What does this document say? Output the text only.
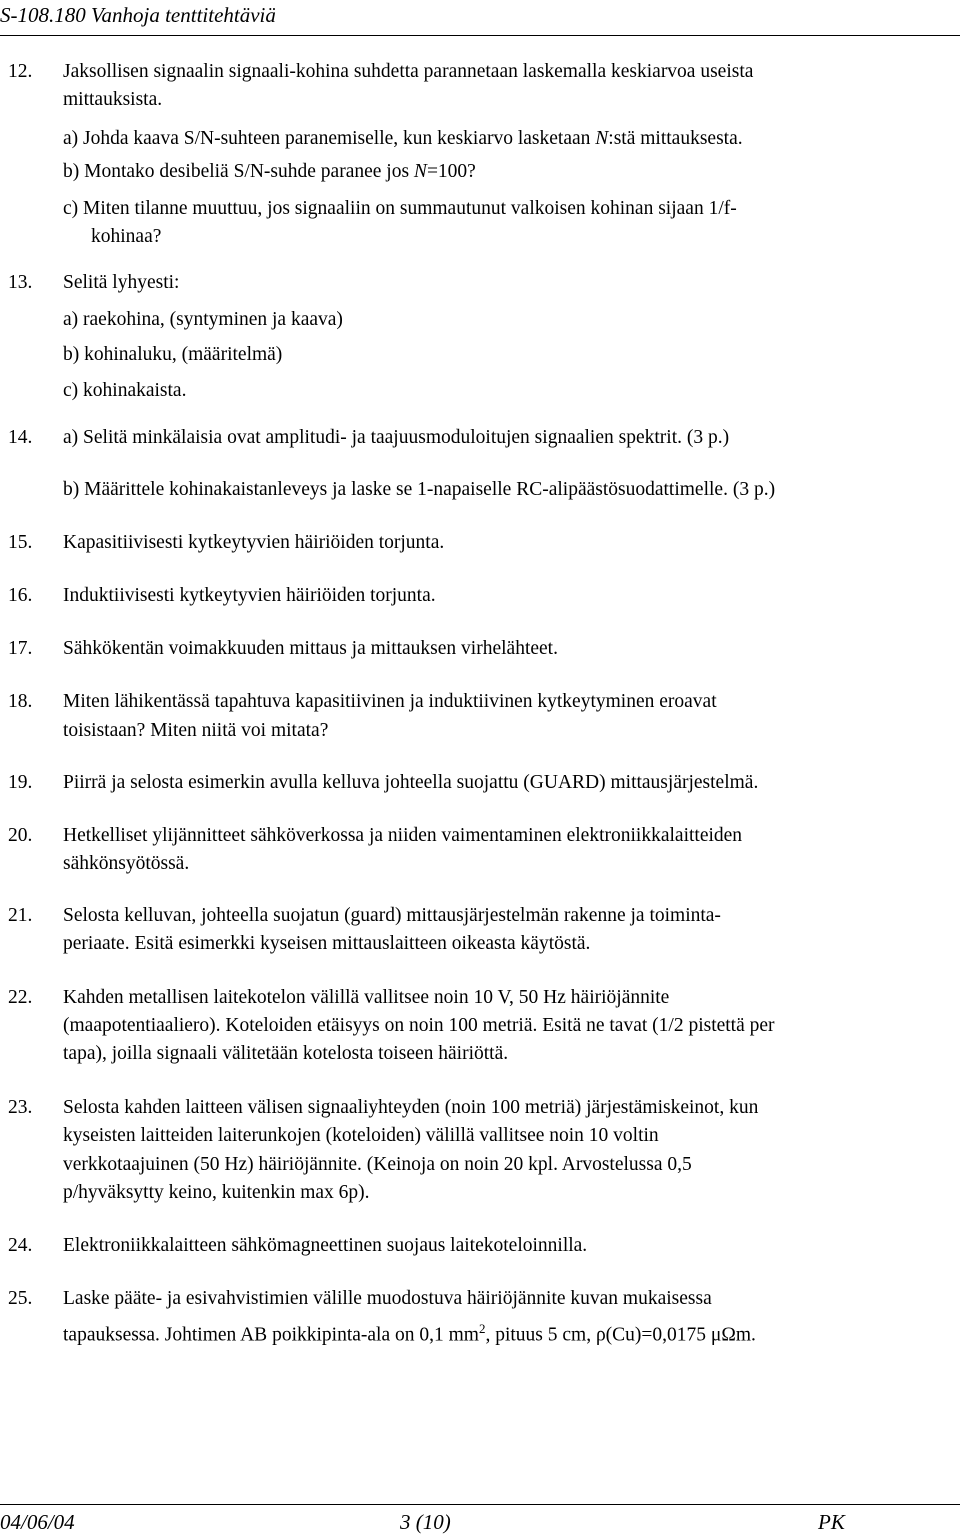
S-108.180 Vanhoja tenttitehtäviä
12. Jaksollisen signaalin signaali-kohina suhdetta parannetaan laskemalla keskiarvoa useista
mittauksista.
a) Johda kaava S/N-suhteen paranemiselle, kun keskiarvo lasketaan N:stä mittauksesta.
b) Montako desibeliä S/N-suhde paranee jos N=100?
c) Miten tilanne muuttuu, jos signaaliin on summautunut valkoisen kohinan sijaan 1/f-
kohinaa?
13. Selitä lyhyesti:
a) raekohina, (syntyminen ja kaava)
b) kohinaluku, (määritelmä)
c) kohinakaista.
14. a) Selitä minkälaisia ovat amplitudi- ja taajuusmoduloitujen signaalien spektrit. (3 p.)
b) Määrittele kohinakaistanleveys ja laske se 1-napaiselle RC-alipäästösuodattimelle. (3 p.)
15. Kapasitiivisesti kytkeytyvien häiriöiden torjunta.
16. Induktiivisesti kytkeytyvien häiriöiden torjunta.
17. Sähkökentän voimakkuuden mittaus ja mittauksen virhelähteet.
18. Miten lähikentässä tapahtuva kapasitiivinen ja induktiivinen kytkeytyminen eroavat
toisistaan? Miten niitä voi mitata?
19. Piirrä ja selosta esimerkin avulla kelluva johteella suojattu (GUARD) mittausjärjestelmä.
20. Hetkelliset ylijännitteet sähköverkossa ja niiden vaimentaminen elektroniikkalaitteiden
sähkönsyötössä.
21. Selosta kelluvan, johteella suojatun (guard) mittausjärjestelmän rakenne ja toiminta-
periaate. Esitä esimerkki kyseisen mittauslaitteen oikeasta käytöstä.
22. Kahden metallisen laitekotelon välillä vallitsee noin 10 V, 50 Hz häiriöjännite
(maapotentiaaliero). Koteloiden etäisyys on noin 100 metriä. Esitä ne tavat (1/2 pistettä per
tapa), joilla signaali välitetään kotelosta toiseen häiriöttä.
23. Selosta kahden laitteen välisen signaaliyhteyden (noin 100 metriä) järjestämiskeinot, kun
kyseisten laitteiden laiterunkojen (koteloiden) välillä vallitsee noin 10 voltin
verkkotaajuinen (50 Hz) häiriöjännite. (Keinoja on noin 20 kpl. Arvostelussa 0,5
p/hyväksytty keino, kuitenkin max 6p).
24. Elektroniikkalaitteen sähkömagneettinen suojaus laitekoteloinnilla.
25. Laske pääte- ja esivahvistimien välille muodostuva häiriöjännite kuvan mukaisessa
tapauksessa. Johtimen AB poikkipinta-ala on 0,1 $mm^2$, pituus 5 cm, ρ(Cu)=0,0175 μΩm.
04/06/04	3 (10)	PK
